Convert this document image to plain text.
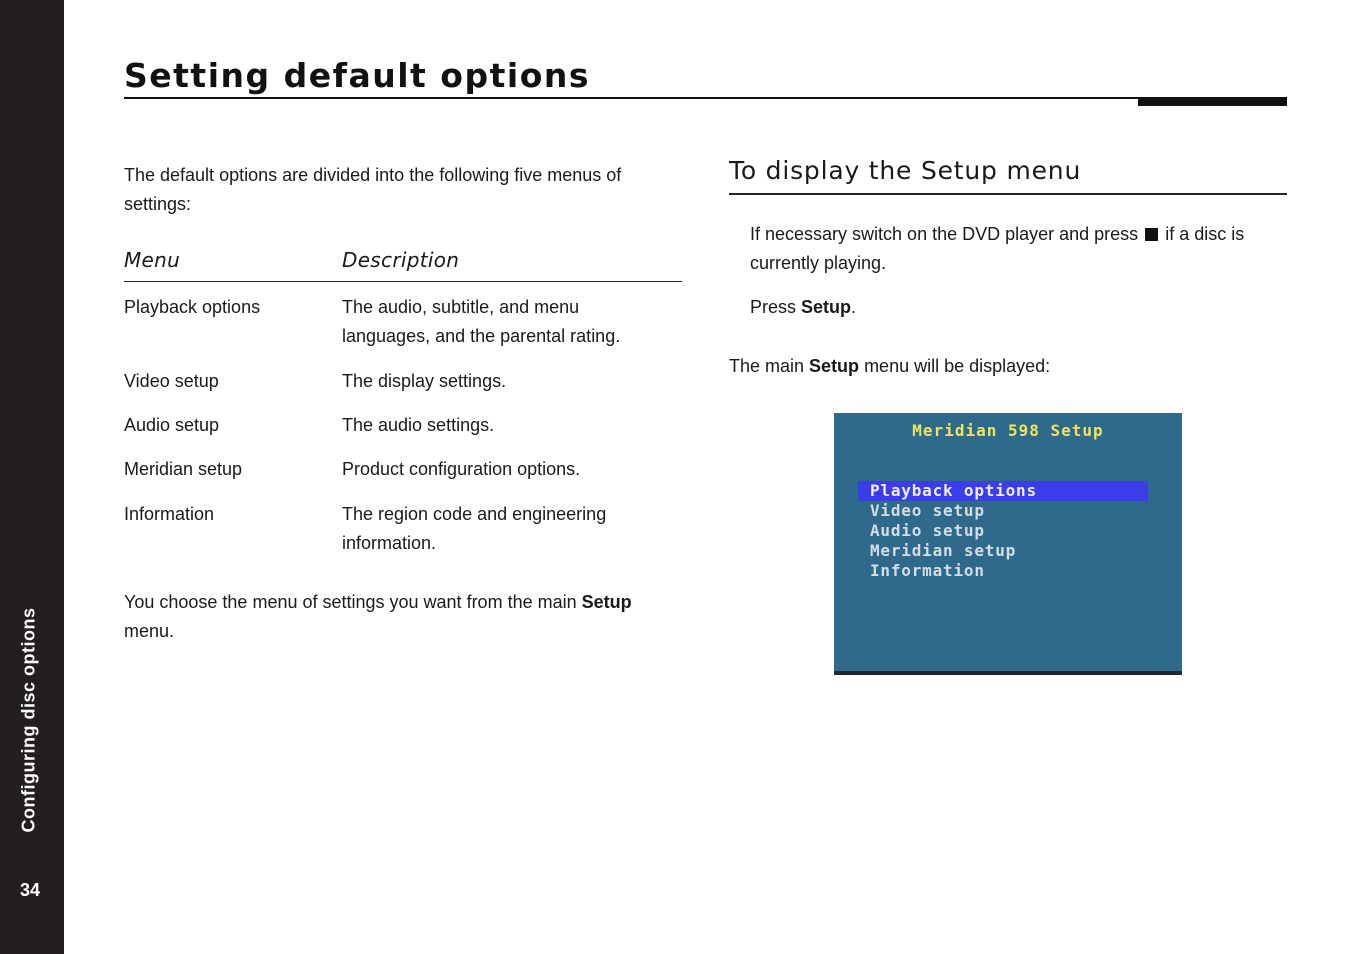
Configuring disc options
34
Setting default options

The default options are divided into the following five menus of settings:

Menu	Description

Playback options	The audio, subtitle, and menu languages, and the parental rating.

Video setup	The display settings.

Audio setup	The audio settings.

Meridian setup	Product configuration options.

Information	The region code and engineering information.

You choose the menu of settings you want from the main Setup menu.

To display the Setup menu

If necessary switch on the DVD player and press  if a disc is currently playing.

Press Setup.

The main Setup menu will be displayed:

Meridian 598 Setup
Playback options
Video setup
Audio setup
Meridian setup
Information
